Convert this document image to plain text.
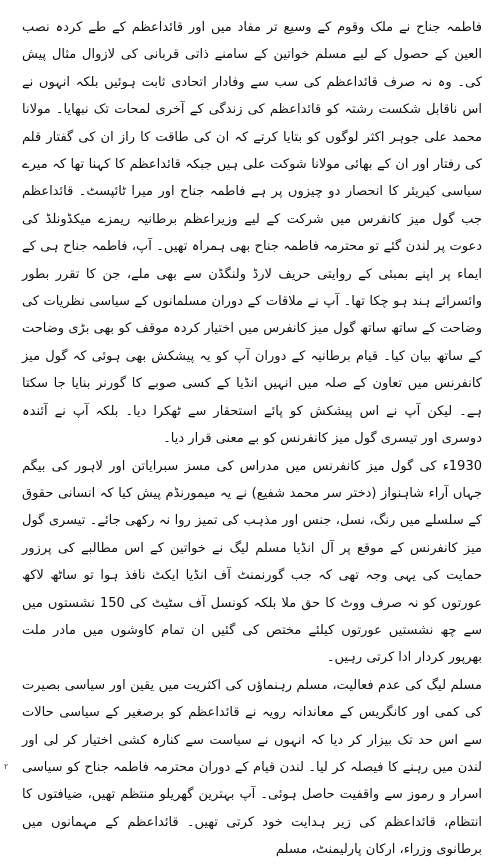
فاطمہ جناح نے ملک وقوم کے وسیع تر مفاد میں اور قائداعظم کے طے کردہ نصب العین کے حصول کے لیے مسلم خواتین کے سامنے ذاتی قربانی کی لازوال مثال پیش کی۔ وہ نہ صرف قائداعظم کی سب سے وفادار اتحادی ثابت ہوئیں بلکہ انہوں نے اس ناقابل شکست رشتہ کو قائداعظم کی زندگی کے آخری لمحات تک نبھایا۔ مولانا محمد علی جوہر اکثر لوگوں کو بتایا کرتے کہ ان کی طاقت کا راز ان کی گفتار قلم کی رفتار اور ان کے بھائی مولانا شوکت علی ہیں جبکہ قائداعظم کا کہنا تھا کہ میرے سیاسی کیریئر کا انحصار دو چیزوں پر ہے فاطمہ جناح اور میرا ٹائپسٹ۔ قائداعظم جب گول میز کانفرس میں شرکت کے لیے وزیراعظم برطانیہ ریمزے میکڈونلڈ کی دعوت پر لندن گئے تو محترمہ فاطمہ جناح بھی ہمراہ تھیں۔ آپ، فاطمہ جناح ہی کے ایماء پر اپنے بمبئی کے روایتی حریف لارڈ ولنگڈن سے بھی ملے، جن کا تقرر بطور وائسرائے ہند ہو چکا تھا۔ آپ نے ملاقات کے دوران مسلمانوں کے سیاسی نظریات کی وضاحت کے ساتھ ساتھ گول میز کانفرس میں اختیار کردہ موقف کو بھی بڑی وضاحت کے ساتھ بیان کیا۔ قیام برطانیہ کے دوران آپ کو یہ پیشکش بھی ہوئی کہ گول میز کانفرنس میں تعاون کے صلہ میں انہیں انڈیا کے کسی صوبے کا گورنر بنایا جا سکتا ہے۔ لیکن آپ نے اس پیشکش کو پائے استحقار سے ٹھکرا دیا۔ بلکہ آپ نے آئندہ دوسری اور تیسری گول میز کانفرنس کو بے معنی قرار دیا۔

1930ء کی گول میز کانفرنس میں مدراس کی مسز سبرایاتن اور لاہور کی بیگم جہاں آراء شاہنواز (دختر سر محمد شفیع) نے یہ میمورنڈم پیش کیا کہ انسانی حقوق کے سلسلے میں رنگ، نسل، جنس اور مذہب کی تمیز روا نہ رکھی جائے۔ تیسری گول میز کانفرنس کے موقع پر آل انڈیا مسلم لیگ نے خواتین کے اس مطالبے کی پرزور حمایت کی یہی وجہ تھی کہ جب گورنمنٹ آف انڈیا ایکٹ نافذ ہوا تو ساٹھ لاکھ عورتوں کو نہ صرف ووٹ کا حق ملا بلکہ کونسل آف سٹیٹ کی 150 نشستوں میں سے چھ نشستیں عورتوں کیلئے مختص کی گئیں ان تمام کاوشوں میں مادر ملت بھرپور کردار ادا کرتی رہیں۔

مسلم لیگ کی عدم فعالیت، مسلم رہنماؤں کی اکثریت میں یقین اور سیاسی بصیرت کی کمی اور کانگریس کے معاندانہ رویہ نے قائداعظم کو برصغیر کے سیاسی حالات سے اس حد تک بیزار کر دیا کہ انہوں نے سیاست سے کنارہ کشی اختیار کر لی اور لندن میں رہنے کا فیصلہ کر لیا۔ لندن قیام کے دوران محترمہ فاطمہ جناح کو سیاسی اسرار و رموز سے واقفیت حاصل ہوئی۔ آپ بہترین گھریلو منتظم تھیں، ضیافتوں کا انتظام، قائداعظم کی زیر ہدایت خود کرتی تھیں۔ قائداعظم کے مہمانوں میں برطانوی وزراء، ارکان پارلیمنٹ، مسلم

۲
